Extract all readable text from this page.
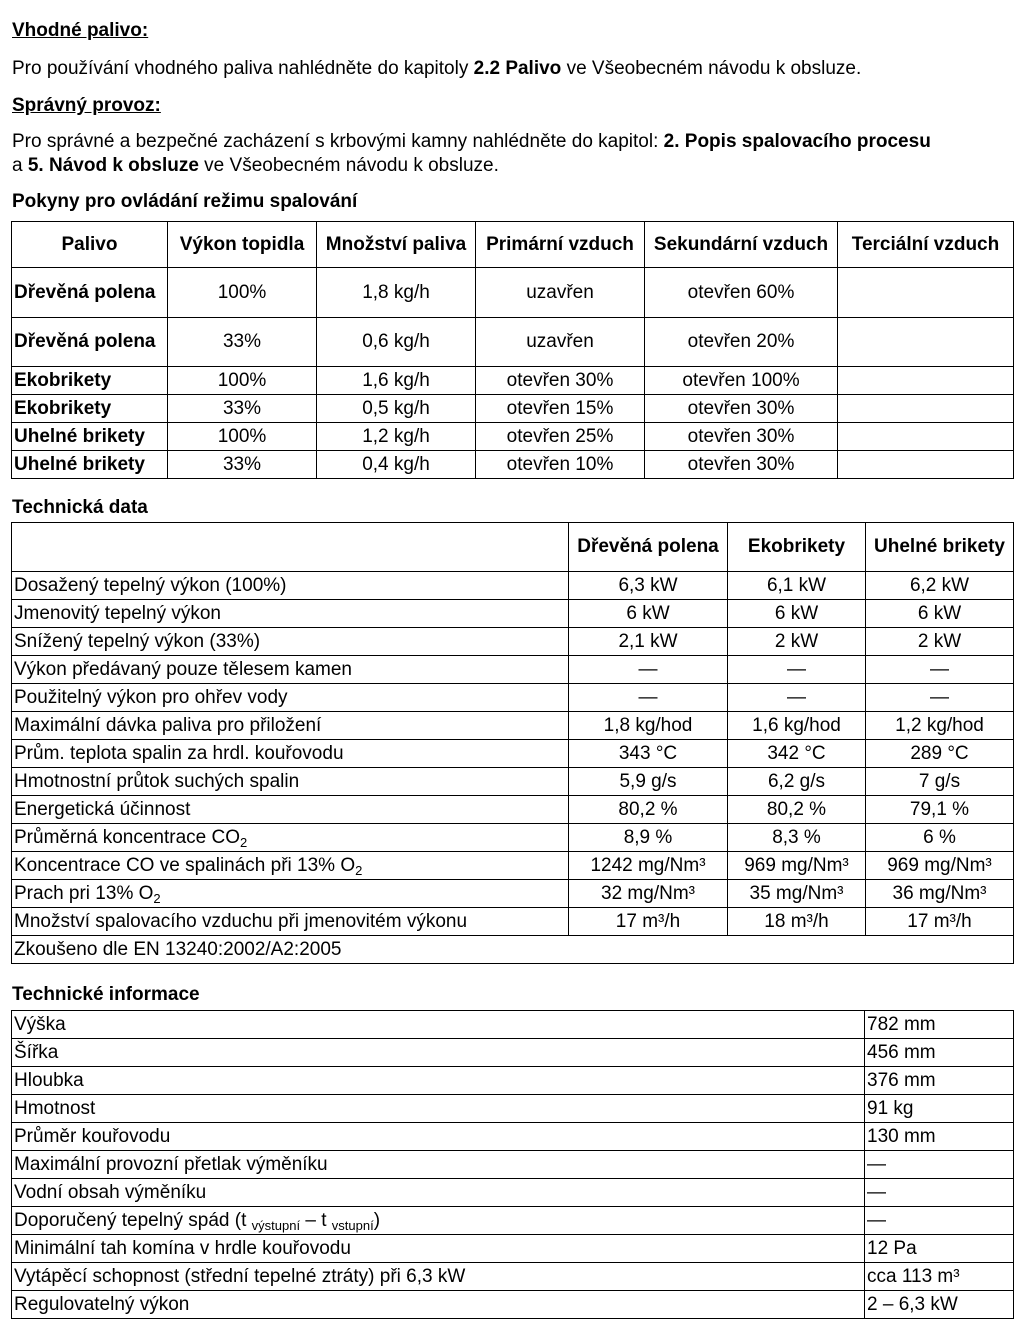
Vhodné palivo:
Pro používání vhodného paliva nahlédněte do kapitoly 2.2 Palivo ve Všeobecném návodu k obsluze.
Správný provoz:
Pro správné a bezpečné zacházení s krbovými kamny nahlédněte do kapitol: 2. Popis spalovacího procesu
a 5. Návod k obsluze ve Všeobecném návodu k obsluze.
Pokyny pro ovládání režimu spalování
Palivo	Výkon topidla	Množství paliva	Primární vzduch	Sekundární vzduch	Terciální vzduch
Dřevěná polena	100%	1,8 kg/h	uzavřen	otevřen 60%	
Dřevěná polena	33%	0,6 kg/h	uzavřen	otevřen 20%	
Ekobrikety	100%	1,6 kg/h	otevřen 30%	otevřen 100%	
Ekobrikety	33%	0,5 kg/h	otevřen 15%	otevřen 30%	
Uhelné brikety	100%	1,2 kg/h	otevřen 25%	otevřen 30%	
Uhelné brikety	33%	0,4 kg/h	otevřen 10%	otevřen 30%	
Technická data
	Dřevěná polena	Ekobrikety	Uhelné brikety
Dosažený tepelný výkon (100%)	6,3 kW	6,1 kW	6,2 kW
Jmenovitý tepelný výkon	6 kW	6 kW	6 kW
Snížený tepelný výkon (33%)	2,1 kW	2 kW	2 kW
Výkon předávaný pouze tělesem kamen	—	—	—
Použitelný výkon pro ohřev vody	—	—	—
Maximální dávka paliva pro přiložení	1,8 kg/hod	1,6 kg/hod	1,2 kg/hod
Prům. teplota spalin za hrdl. kouřovodu	343 °C	342 °C	289 °C
Hmotnostní průtok suchých spalin	5,9 g/s	6,2 g/s	7 g/s
Energetická účinnost	80,2 %	80,2 %	79,1 %
Průměrná koncentrace $CO_2$	8,9 %	8,3 %	6 %
Koncentrace CO ve spalinách při 13% $O_2$	1242 mg/Nm³	969 mg/Nm³	969 mg/Nm³
Prach pri 13% $O_2$	32 mg/Nm³	35 mg/Nm³	36 mg/Nm³
Množství spalovacího vzduchu při jmenovitém výkonu	17 m³/h	18 m³/h	17 m³/h
Zkoušeno dle EN 13240:2002/A2:2005			
Technické informace
Výška	782 mm
Šířka	456 mm
Hloubka	376 mm
Hmotnost	91 kg
Průměr kouřovodu	130 mm
Maximální provozní přetlak výměníku	—
Vodní obsah výměníku	—
Doporučený tepelný spád (t $_{výstupní}$ – t $_{vstupní}$)	—
Minimální tah komína v hrdle kouřovodu	12 Pa
Vytápěcí schopnost (střední tepelné ztráty) při 6,3 kW	cca 113 m³
Regulovatelný výkon	2 – 6,3 kW
